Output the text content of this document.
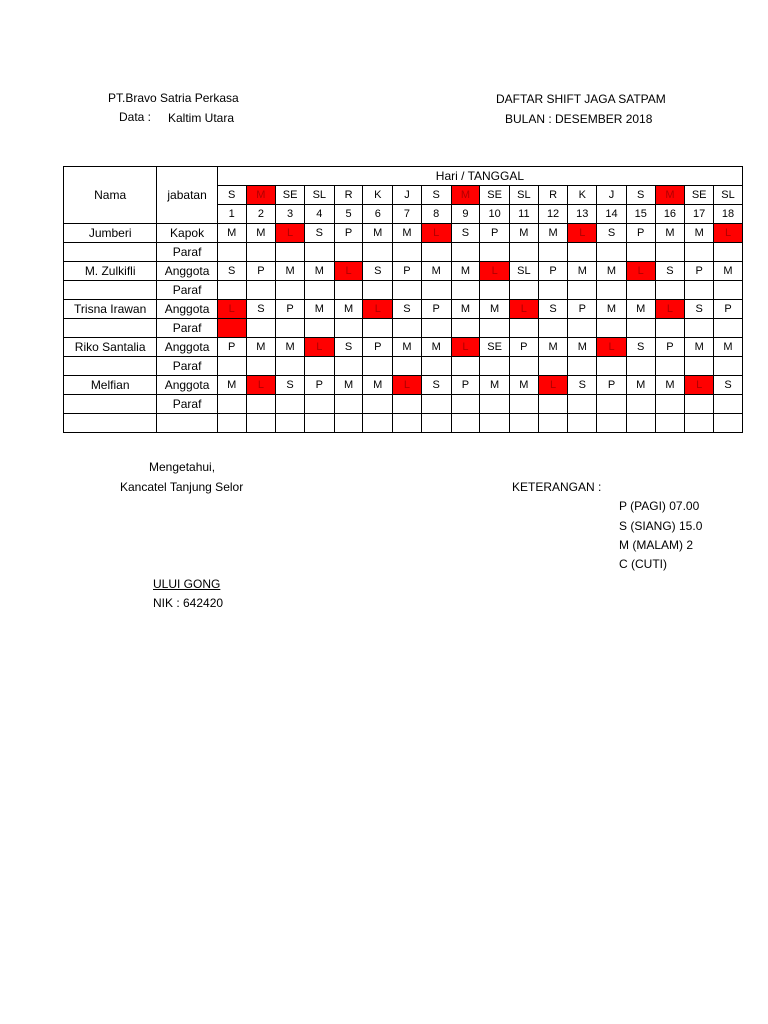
PT.Bravo Satria Perkasa
Data : Kaltim Utara
DAFTAR SHIFT JAGA SATPAM
BULAN : DESEMBER 2018
Nama	jabatan	Hari / TANGGAL																	
		S	M	SE	SL	R	K	J	S	M	SE	SL	R	K	J	S	M	SE	SL
		1	2	3	4	5	6	7	8	9	10	11	12	13	14	15	16	17	18
Jumberi	Kapok	M	M	L	S	P	M	M	L	S	P	M	M	L	S	P	M	M	L
	Paraf																		
M. Zulkifli	Anggota	S	P	M	M	L	S	P	M	M	L	SL	P	M	M	L	S	P	M
	Paraf																		
Trisna Irawan	Anggota	L	S	P	M	M	L	S	P	M	M	L	S	P	M	M	L	S	P
	Paraf																		
Riko Santalia	Anggota	P	M	M	L	S	P	M	M	L	SE	P	M	M	L	S	P	M	M
	Paraf																		
Melfian	Anggota	M	L	S	P	M	M	L	S	P	M	M	L	S	P	M	M	L	S
	Paraf																		

Mengetahui,
Kancatel Tanjung Selor	KETERANGAN :
P (PAGI) 07.00
S (SIANG) 15.0
M (MALAM) 2
C (CUTI)
ULUI GONG
NIK : 642420
